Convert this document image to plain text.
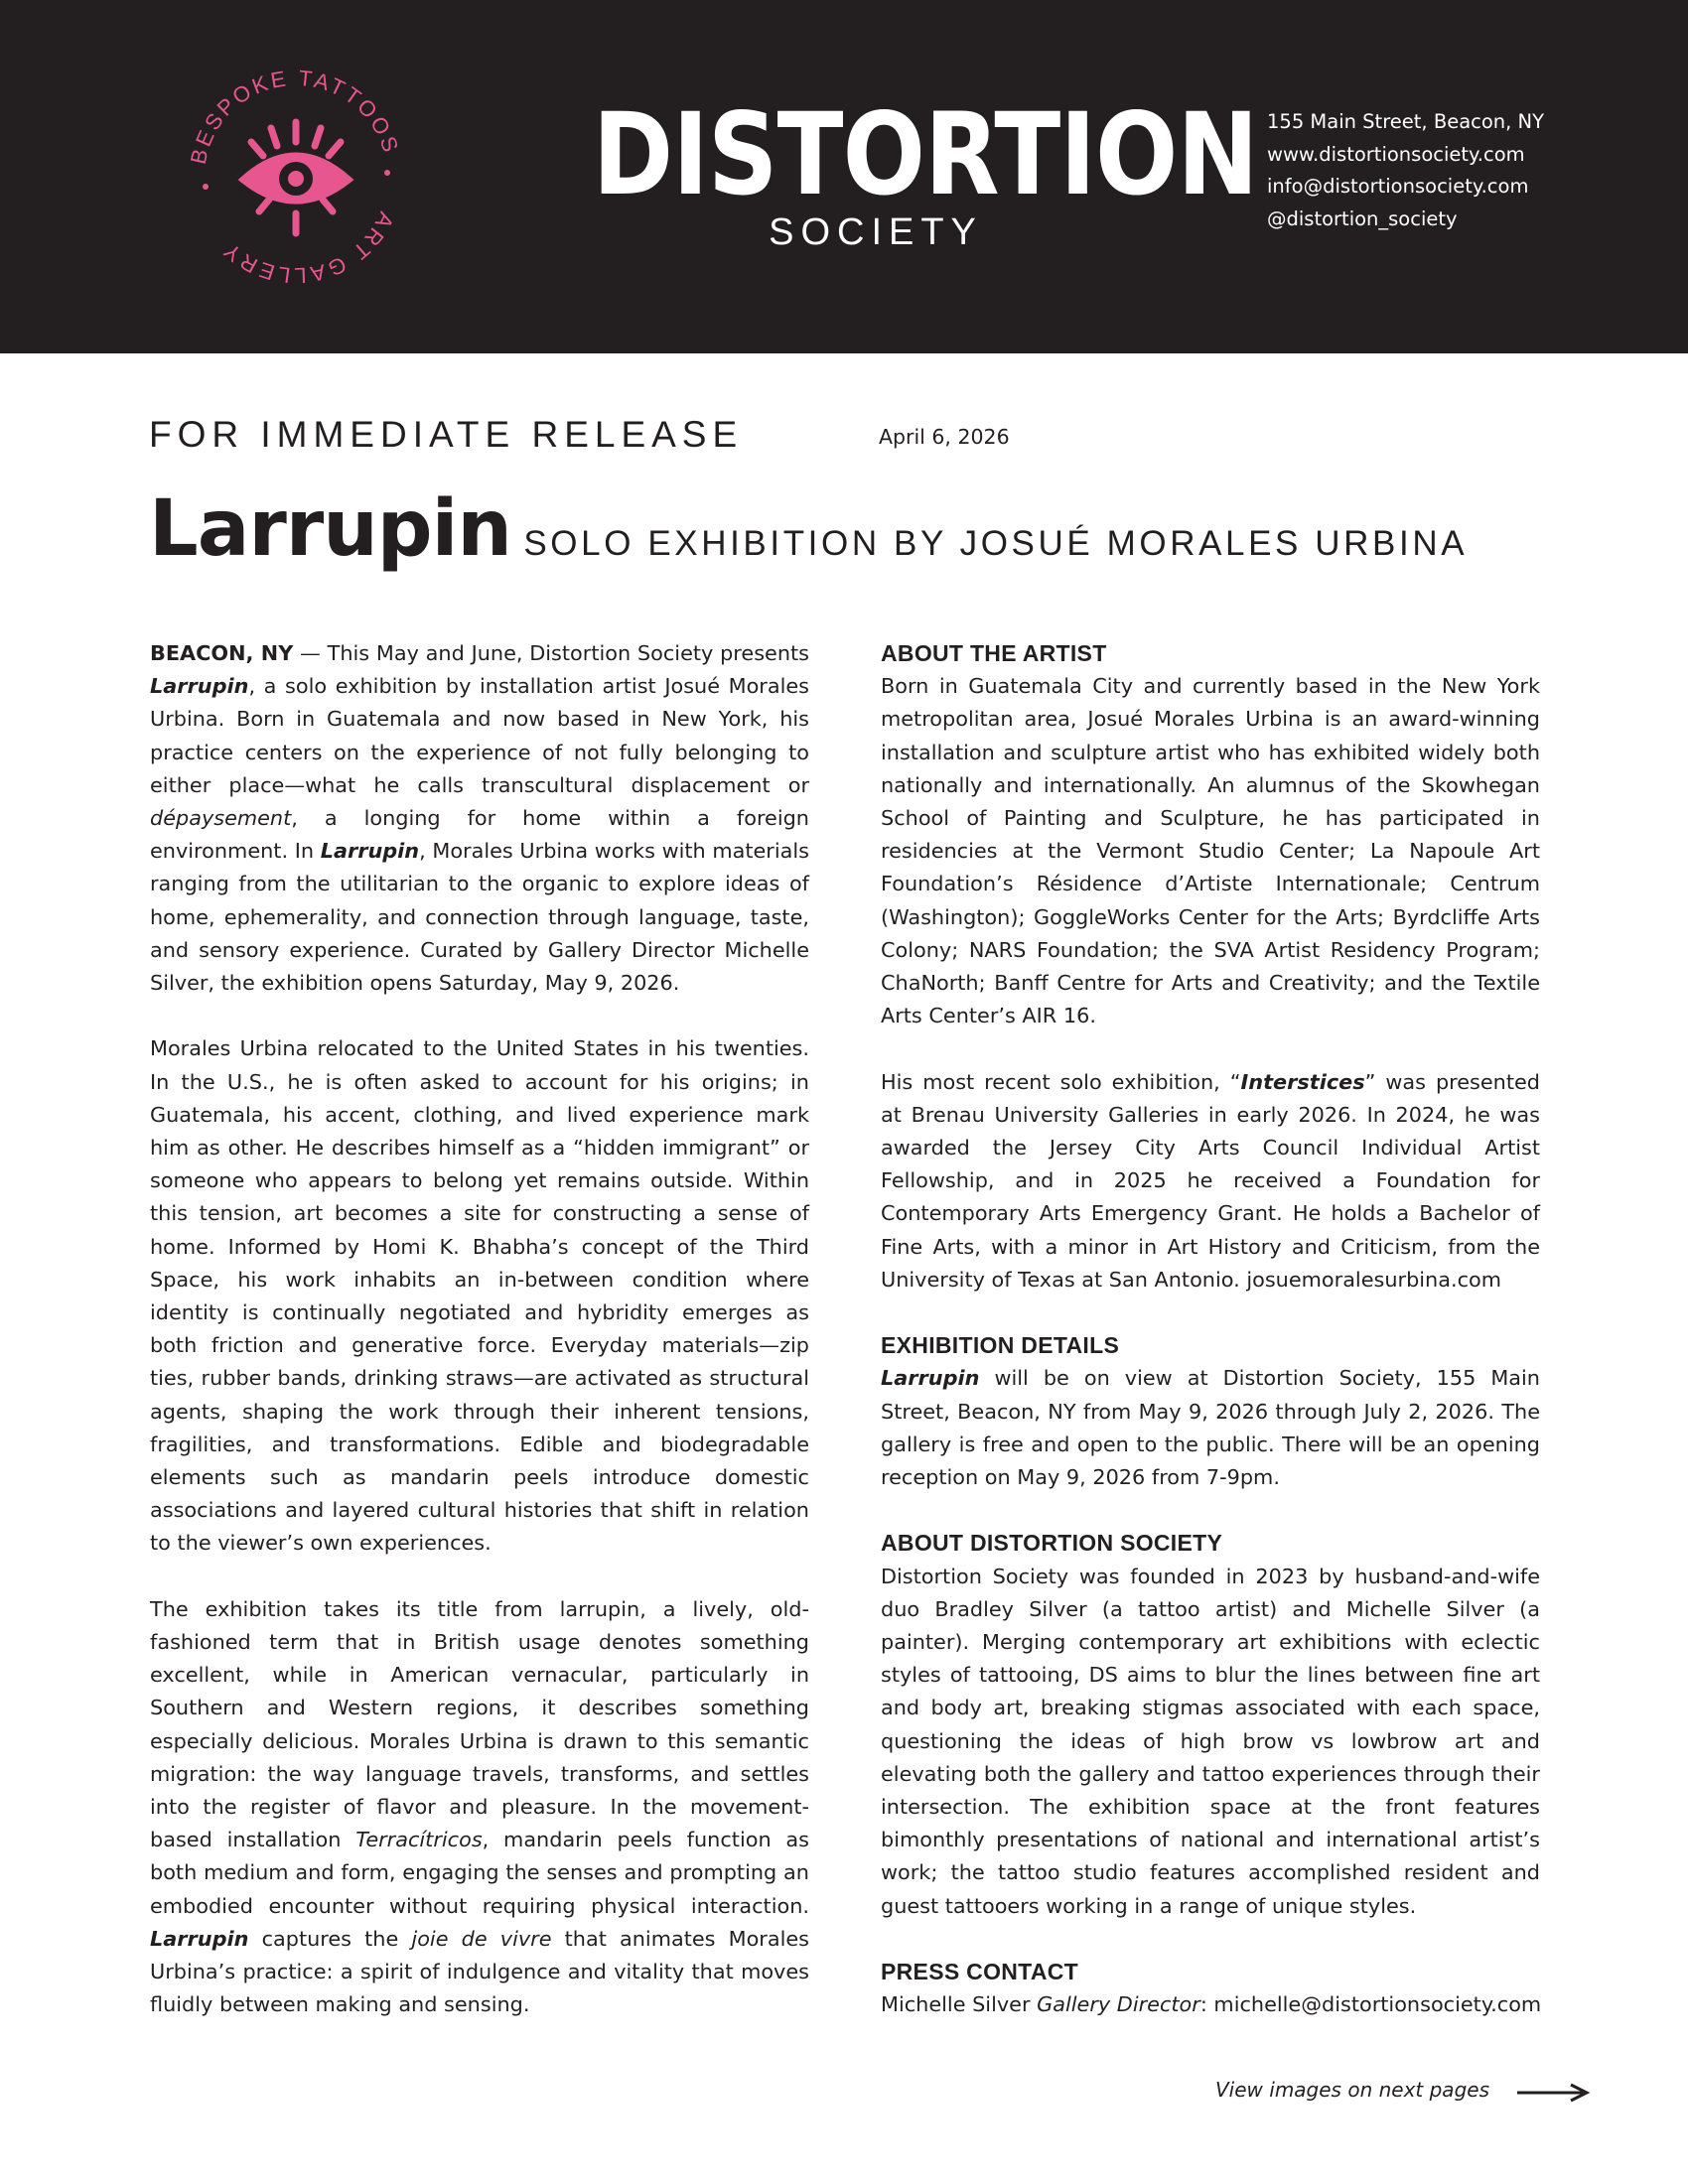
BESPOKE TATTOOS
ART GALLERY
DISTORTION
SOCIETY
155 Main Street, Beacon, NY
www.distortionsociety.com
info@distortionsociety.com
@distortion_society
FOR IMMEDIATE RELEASE	April 6, 2026
Larrupin SOLO EXHIBITION BY JOSUÉ MORALES URBINA

BEACON, NY — This May and June, Distortion Society presents Larrupin, a solo exhibition by installation artist Josué Morales Urbina. Born in Guatemala and now based in New York, his practice centers on the experience of not fully belonging to either place—what he calls transcultural displacement or dépaysement, a longing for home within a foreign environment. In Larrupin, Morales Urbina works with materials ranging from the utilitarian to the organic to explore ideas of home, ephemerality, and connection through language, taste, and sensory experience. Curated by Gallery Director Michelle Silver, the exhibition opens Saturday, May 9, 2026.

Morales Urbina relocated to the United States in his twenties. In the U.S., he is often asked to account for his origins; in Guatemala, his accent, clothing, and lived experience mark him as other. He describes himself as a “hidden immigrant” or someone who appears to belong yet remains outside. Within this tension, art becomes a site for constructing a sense of home. Informed by Homi K. Bhabha’s concept of the Third Space, his work inhabits an in-between condition where identity is continually negotiated and hybridity emerges as both friction and generative force. Everyday materials—zip ties, rubber bands, drinking straws—are activated as structural agents, shaping the work through their inherent tensions, fragilities, and transformations. Edible and biodegradable elements such as mandarin peels introduce domestic associations and layered cultural histories that shift in relation to the viewer’s own experiences.

The exhibition takes its title from larrupin, a lively, old-fashioned term that in British usage denotes something excellent, while in American vernacular, particularly in Southern and Western regions, it describes something especially delicious. Morales Urbina is drawn to this semantic migration: the way language travels, transforms, and settles into the register of flavor and pleasure. In the movement-based installation Terracítricos, mandarin peels function as both medium and form, engaging the senses and prompting an embodied encounter without requiring physical interaction. Larrupin captures the joie de vivre that animates Morales Urbina’s practice: a spirit of indulgence and vitality that moves fluidly between making and sensing.

ABOUT THE ARTIST

Born in Guatemala City and currently based in the New York metropolitan area, Josué Morales Urbina is an award-winning installation and sculpture artist who has exhibited widely both nationally and internationally. An alumnus of the Skowhegan School of Painting and Sculpture, he has participated in residencies at the Vermont Studio Center; La Napoule Art Foundation’s Résidence d’Artiste Internationale; Centrum (Washington); GoggleWorks Center for the Arts; Byrdcliffe Arts Colony; NARS Foundation; the SVA Artist Residency Program; ChaNorth; Banff Centre for Arts and Creativity; and the Textile Arts Center’s AIR 16.

His most recent solo exhibition, “Interstices” was presented at Brenau University Galleries in early 2026. In 2024, he was awarded the Jersey City Arts Council Individual Artist Fellowship, and in 2025 he received a Foundation for Contemporary Arts Emergency Grant. He holds a Bachelor of Fine Arts, with a minor in Art History and Criticism, from the University of Texas at San Antonio. josuemoralesurbina.com

EXHIBITION DETAILS

Larrupin will be on view at Distortion Society, 155 Main Street, Beacon, NY from May 9, 2026 through July 2, 2026. The gallery is free and open to the public. There will be an opening reception on May 9, 2026 from 7-9pm.

ABOUT DISTORTION SOCIETY

Distortion Society was founded in 2023 by husband-and-wife duo Bradley Silver (a tattoo artist) and Michelle Silver (a painter). Merging contemporary art exhibitions with eclectic styles of tattooing, DS aims to blur the lines between fine art and body art, breaking stigmas associated with each space, questioning the ideas of high brow vs lowbrow art and elevating both the gallery and tattoo experiences through their intersection. The exhibition space at the front features bimonthly presentations of national and international artist’s work; the tattoo studio features accomplished resident and guest tattooers working in a range of unique styles.

PRESS CONTACT
Michelle Silver Gallery Director: michelle@distortionsociety.com
View images on next pages
